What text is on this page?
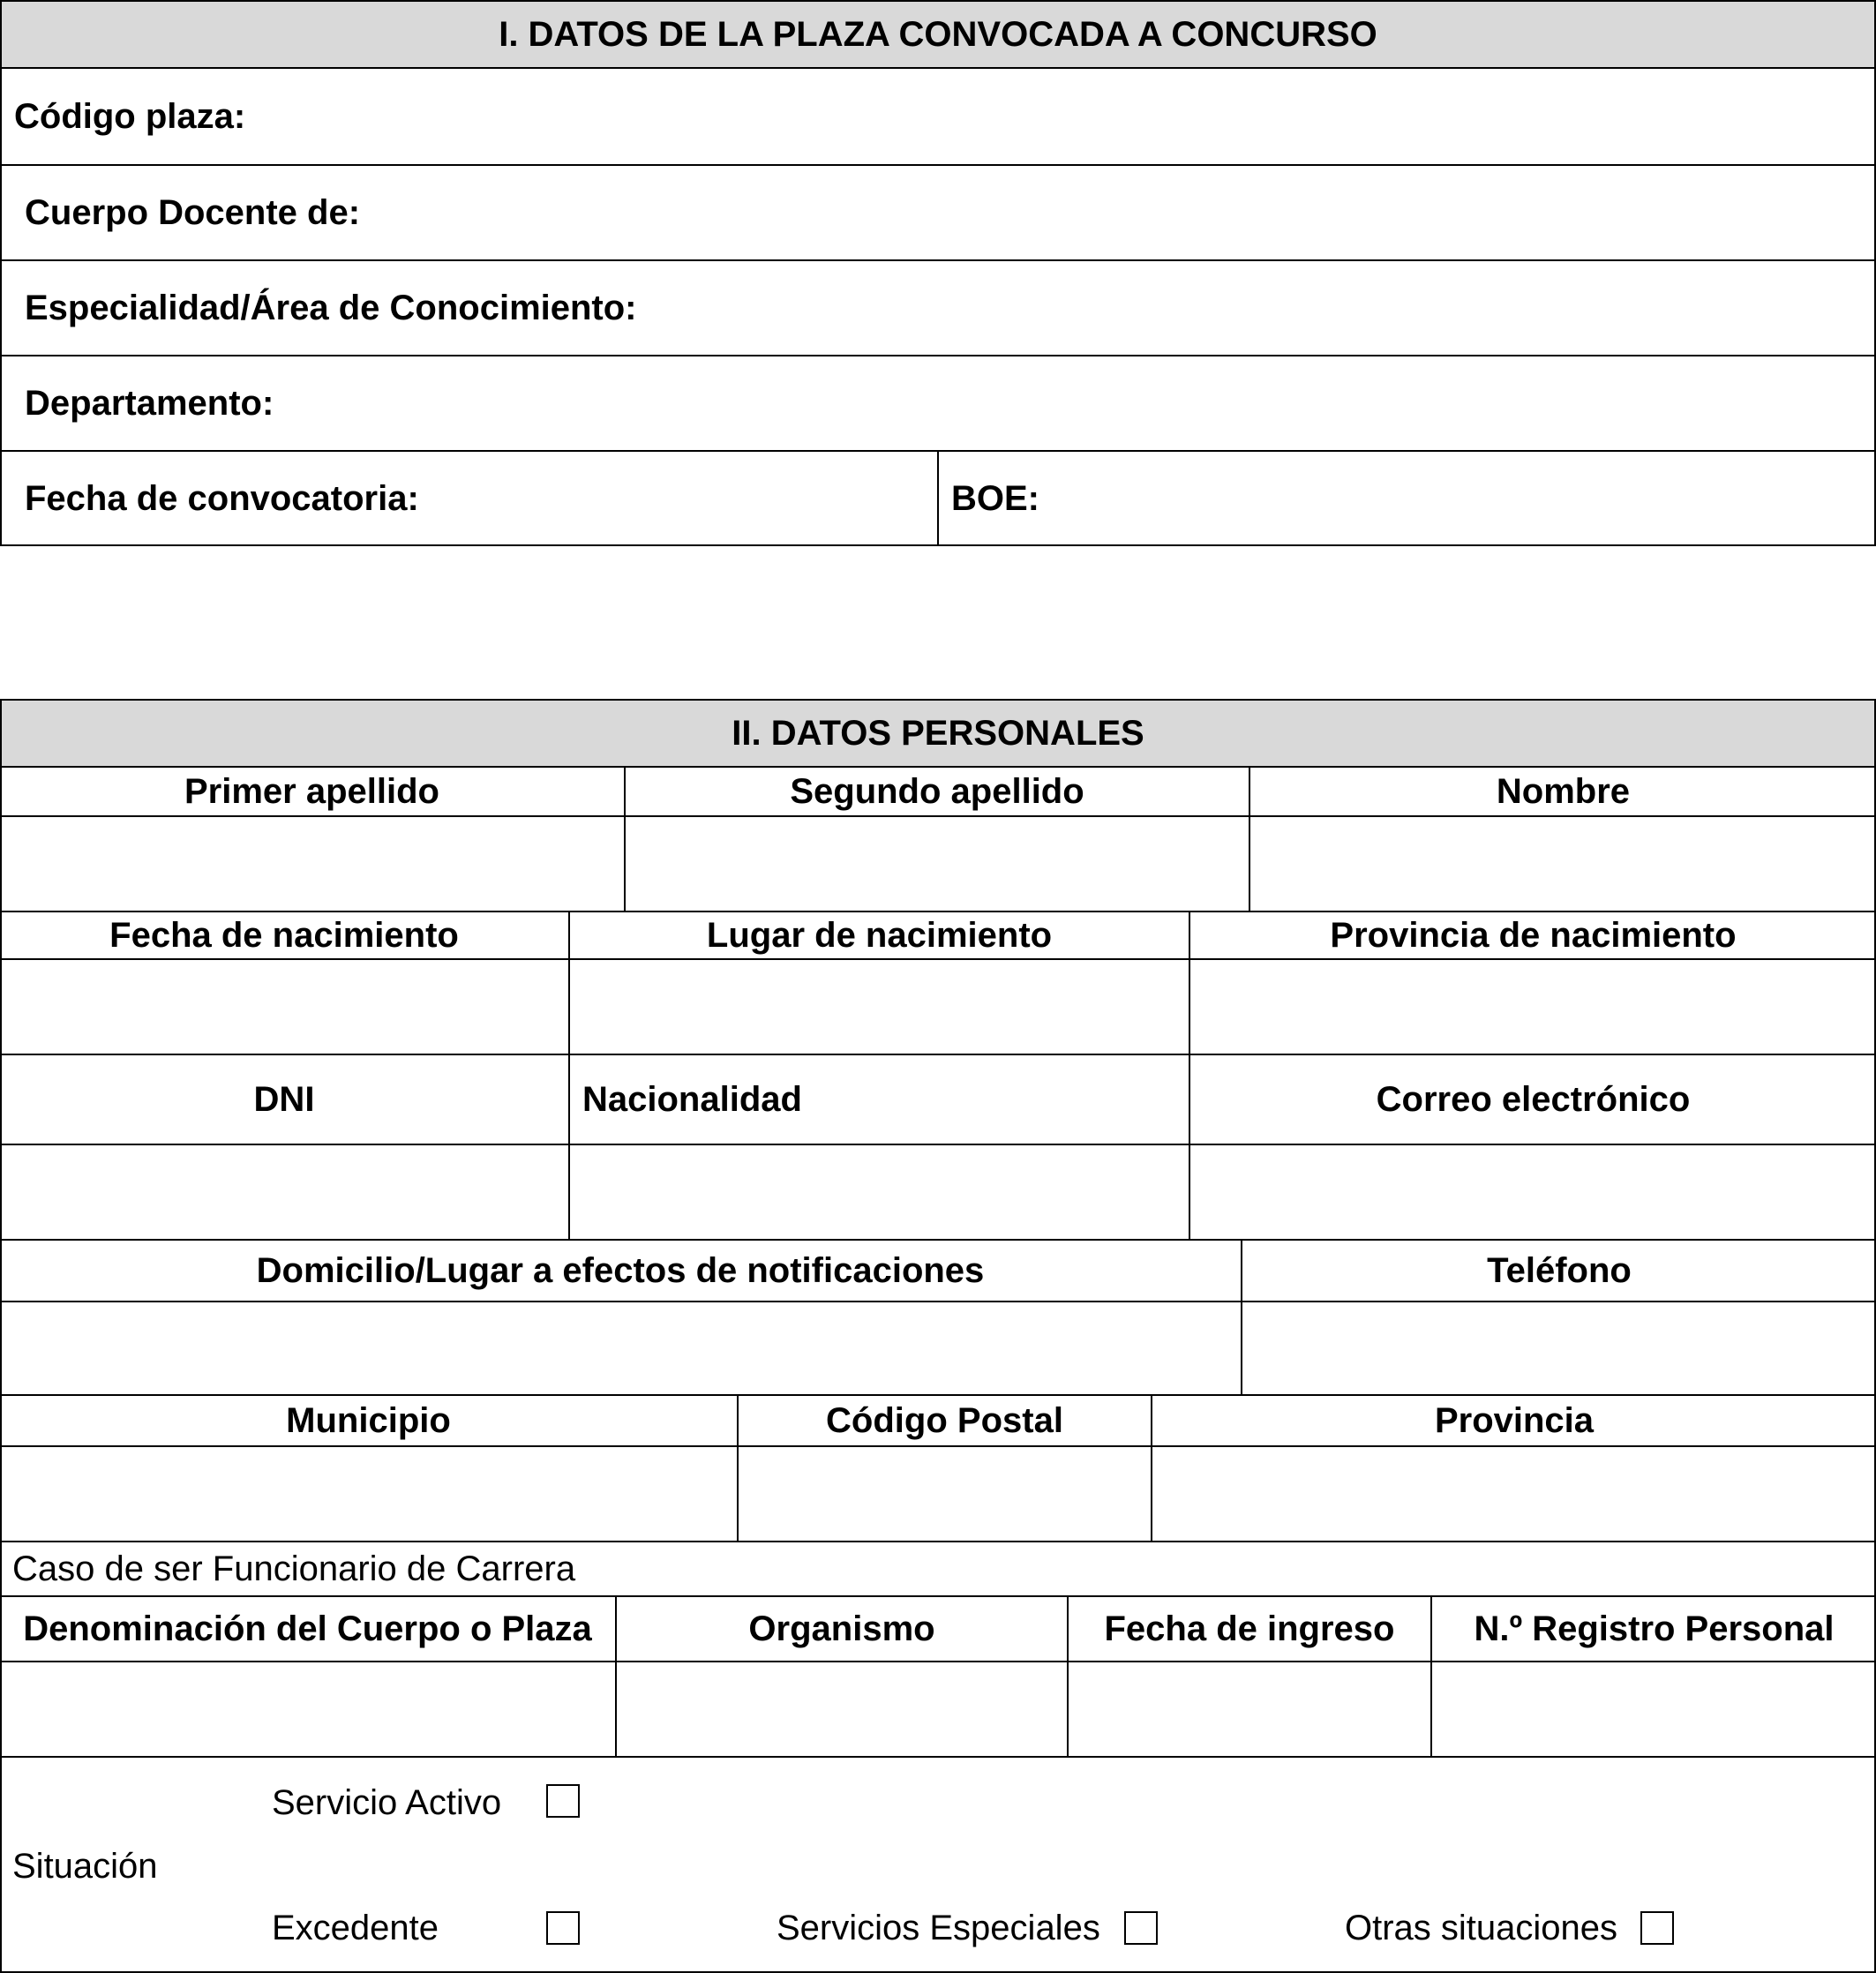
I. DATOS DE LA PLAZA CONVOCADA A CONCURSO
Código plaza:
Cuerpo Docente de:
Especialidad/Área de Conocimiento:
Departamento:
Fecha de convocatoria:	BOE:
II. DATOS PERSONALES
Primer apellido	Segundo apellido	Nombre
Fecha de nacimiento	Lugar de nacimiento	Provincia de nacimiento
DNI	Nacionalidad	Correo electrónico
Domicilio/Lugar a efectos de notificaciones	Teléfono
Municipio	Código Postal	Provincia
Caso de ser Funcionario de Carrera
Denominación del Cuerpo o Plaza	Organismo	Fecha de ingreso	N.º Registro Personal
Situación
Servicio Activo
Excedente	Servicios Especiales	Otras situaciones
